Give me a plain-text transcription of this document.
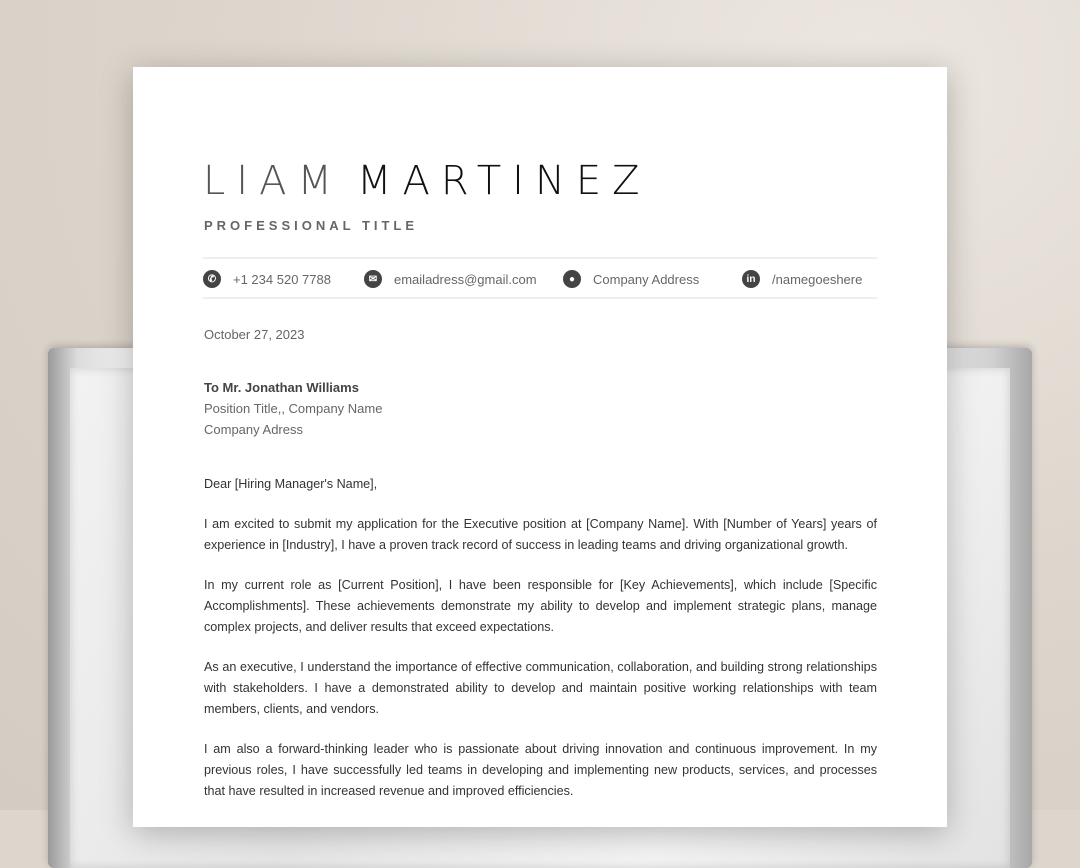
LIAM MARTINEZ
PROFESSIONAL TITLE
✆	+1 234 520 7788	✉	emailadress@gmail.com	●	Company Address	in	/namegoeshere
October 27, 2023
To Mr. Jonathan Williams
Position Title,, Company Name
Company Adress
Dear [Hiring Manager's Name],

I am excited to submit my application for the Executive position at [Company Name]. With [Number of Years] years of experience in [Industry], I have a proven track record of success in leading teams and driving organizational growth.

In my current role as [Current Position], I have been responsible for [Key Achievements], which include [Specific Accomplishments]. These achievements demonstrate my ability to develop and implement strategic plans, manage complex projects, and deliver results that exceed expectations.

As an executive, I understand the importance of effective communication, collaboration, and building strong relationships with stakeholders. I have a demonstrated ability to develop and maintain positive working relationships with team members, clients, and vendors.

I am also a forward-thinking leader who is passionate about driving innovation and continuous improvement. In my previous roles, I have successfully led teams in developing and implementing new products, services, and processes that have resulted in increased revenue and improved efficiencies.
